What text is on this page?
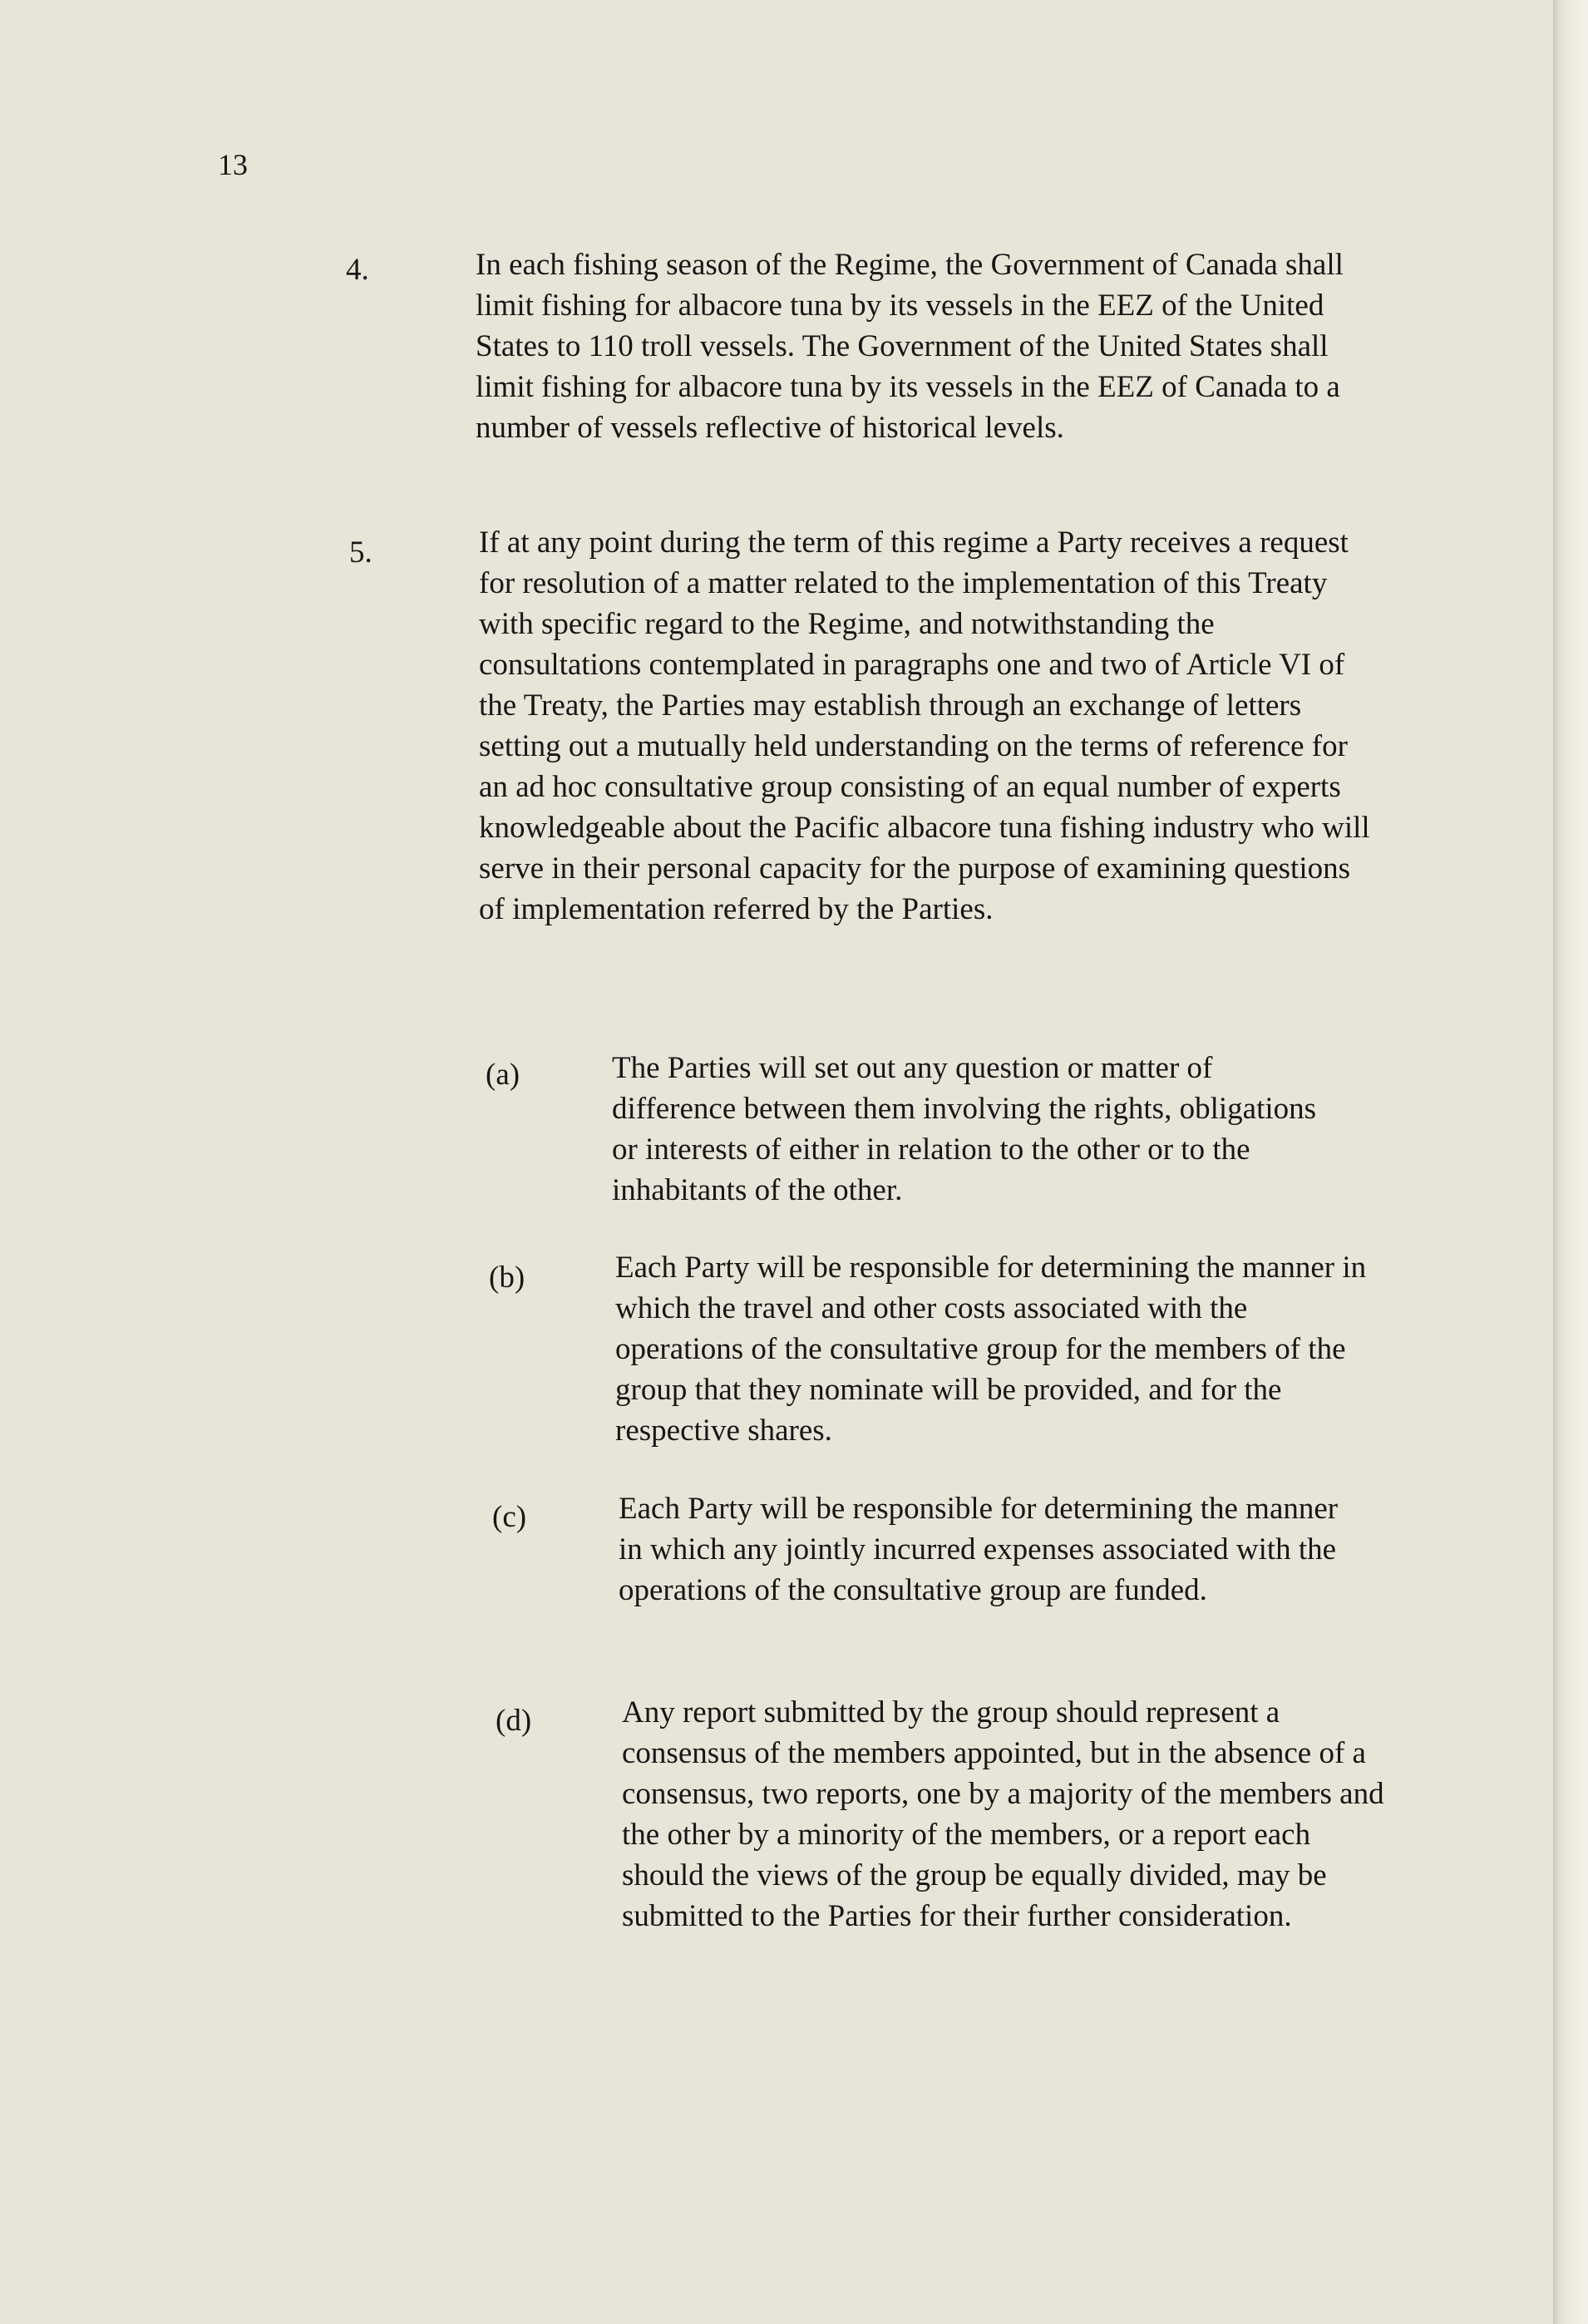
13
4.	In each fishing season of the Regime, the Government of Canada shall limit fishing for albacore tuna by its vessels in the EEZ of the United States to 110 troll vessels. The Government of the United States shall limit fishing for albacore tuna by its vessels in the EEZ of Canada to a number of vessels reflective of historical levels.

5.	If at any point during the term of this regime a Party receives a request for resolution of a matter related to the implementation of this Treaty with specific regard to the Regime, and notwithstanding the consultations contemplated in paragraphs one and two of Article VI of the Treaty, the Parties may establish through an exchange of letters setting out a mutually held understanding on the terms of reference for an ad hoc consultative group consisting of an equal number of experts knowledgeable about the Pacific albacore tuna fishing industry who will serve in their personal capacity for the purpose of examining questions of implementation referred by the Parties.

(a)	The Parties will set out any question or matter of difference between them involving the rights, obligations or interests of either in relation to the other or to the inhabitants of the other.

(b)	Each Party will be responsible for determining the manner in which the travel and other costs associated with the operations of the consultative group for the members of the group that they nominate will be provided, and for the respective shares.

(c)	Each Party will be responsible for determining the manner in which any jointly incurred expenses associated with the operations of the consultative group are funded.

(d)	Any report submitted by the group should represent a consensus of the members appointed, but in the absence of a consensus, two reports, one by a majority of the members and the other by a minority of the members, or a report each should the views of the group be equally divided, may be submitted to the Parties for their further consideration.
